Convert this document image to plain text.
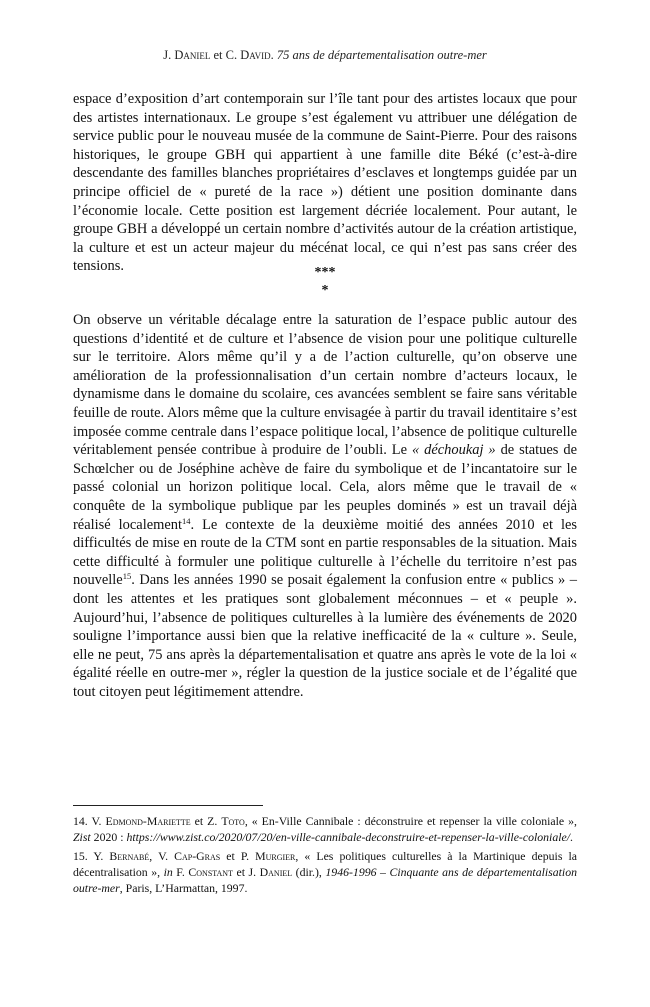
J. Daniel et C. David. 75 ans de départementalisation outre-mer
espace d’exposition d’art contemporain sur l’île tant pour des artistes locaux que pour des artistes internationaux. Le groupe s’est également vu attribuer une délégation de service public pour le nouveau musée de la commune de Saint-Pierre. Pour des raisons historiques, le groupe GBH qui appartient à une famille dite Béké (c’est-à-dire descendante des familles blanches propriétaires d’esclaves et longtemps guidée par un principe officiel de « pureté de la race ») détient une position dominante dans l’économie locale. Cette position est largement décriée localement. Pour autant, le groupe GBH a développé un certain nombre d’activités autour de la création artistique, la culture et est un acteur majeur du mécénat local, ce qui n’est pas sans créer des tensions.	***
*
On observe un véritable décalage entre la saturation de l’espace public autour des questions d’identité et de culture et l’absence de vision pour une politique culturelle sur le territoire. Alors même qu’il y a de l’action culturelle, qu’on observe une amélioration de la professionnalisation d’un certain nombre d’acteurs locaux, le dynamisme dans le domaine du scolaire, ces avancées semblent se faire sans véritable feuille de route. Alors même que la culture envisagée à partir du travail identitaire s’est imposée comme centrale dans l’espace politique local, l’absence de politique culturelle véritablement pensée contribue à produire de l’oubli. Le « déchoukaj » de statues de Schœlcher ou de Joséphine achève de faire du symbolique et de l’incantatoire sur le passé colonial un horizon politique local. Cela, alors même que le travail de « conquête de la symbolique publique par les peuples dominés » est un travail déjà réalisé localement$^{14}$. Le contexte de la deuxième moitié des années 2010 et les difficultés de mise en route de la CTM sont en partie responsables de la situation. Mais cette difficulté à formuler une politique culturelle à l’échelle du territoire n’est pas nouvelle$^{15}$. Dans les années 1990 se posait également la confusion entre « publics » – dont les attentes et les pratiques sont globalement méconnues – et « peuple ». Aujourd’hui, l’absence de politiques culturelles à la lumière des événements de 2020 souligne l’importance aussi bien que la relative inefficacité de la « culture ». Seule, elle ne peut, 75 ans après la départementalisation et quatre ans après le vote de la loi « égalité réelle en outre-mer », régler la question de la justice sociale et de l’égalité que tout citoyen peut légitimement attendre.
14. V. Edmond-Mariette et Z. Toto, « En-Ville Cannibale : déconstruire et repenser la ville coloniale », Zist 2020 : https://www.zist.co/2020/07/20/en-ville-cannibale-deconstruire-et-repenser-la-ville-coloniale/.
15. Y. Bernabé, V. Cap-Gras et P. Murgier, « Les politiques culturelles à la Martinique depuis la décentralisation », in F. Constant et J. Daniel (dir.), 1946-1996 – Cinquante ans de départementalisation outre-mer, Paris, L’Harmattan, 1997.
